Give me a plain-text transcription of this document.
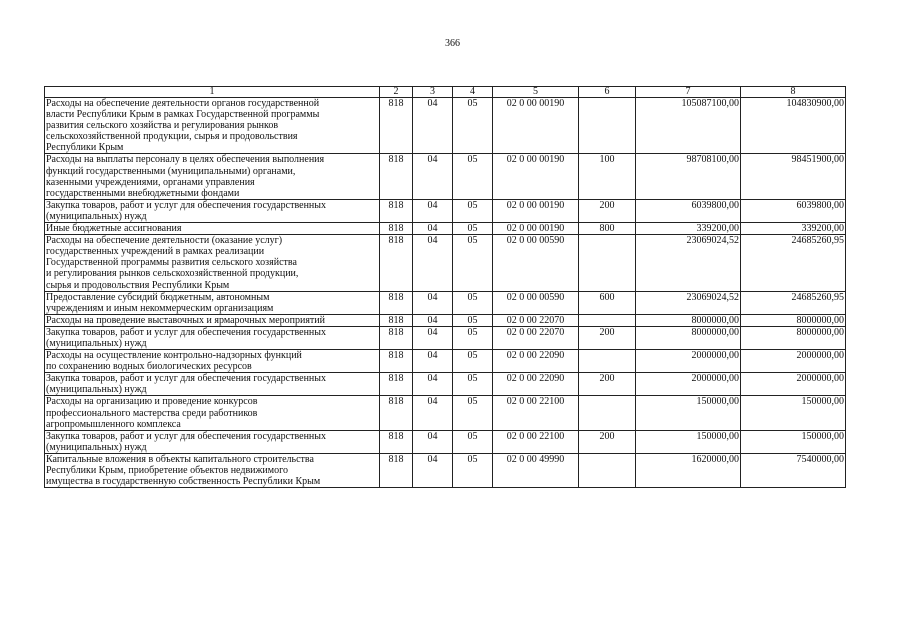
366
1	2	3	4	5	6	7	8

Расходы на обеспечение деятельности органов государственной
власти Республики Крым в рамках Государственной программы
развития сельского хозяйства и регулирования рынков
сельскохозяйственной продукции, сырья и продовольствия
Республики Крым	818	04	05	02 0 00 00190		105087100,00	104830900,00

Расходы на выплаты персоналу в целях обеспечения выполнения
функций государственными (муниципальными) органами,
казенными учреждениями, органами управления
государственными внебюджетными фондами	818	04	05	02 0 00 00190	100	98708100,00	98451900,00

Закупка товаров, работ и услуг для обеспечения государственных
(муниципальных) нужд	818	04	05	02 0 00 00190	200	6039800,00	6039800,00

Иные бюджетные ассигнования	818	04	05	02 0 00 00190	800	339200,00	339200,00

Расходы на обеспечение деятельности (оказание услуг)
государственных учреждений в рамках реализации
Государственной программы развития сельского хозяйства
и регулирования рынков сельскохозяйственной продукции,
сырья и продовольствия Республики Крым	818	04	05	02 0 00 00590		23069024,52	24685260,95

Предоставление субсидий бюджетным, автономным
учреждениям и иным некоммерческим организациям	818	04	05	02 0 00 00590	600	23069024,52	24685260,95

Расходы на проведение выставочных и ярмарочных мероприятий	818	04	05	02 0 00 22070		8000000,00	8000000,00

Закупка товаров, работ и услуг для обеспечения государственных
(муниципальных) нужд	818	04	05	02 0 00 22070	200	8000000,00	8000000,00

Расходы на осуществление контрольно-надзорных функций
по сохранению водных биологических ресурсов	818	04	05	02 0 00 22090		2000000,00	2000000,00

Закупка товаров, работ и услуг для обеспечения государственных
(муниципальных) нужд	818	04	05	02 0 00 22090	200	2000000,00	2000000,00

Расходы на организацию и проведение конкурсов
профессионального мастерства среди работников
агропромышленного комплекса	818	04	05	02 0 00 22100		150000,00	150000,00

Закупка товаров, работ и услуг для обеспечения государственных
(муниципальных) нужд	818	04	05	02 0 00 22100	200	150000,00	150000,00

Капитальные вложения в объекты капитального строительства
Республики Крым, приобретение объектов недвижимого
имущества в государственную собственность Республики Крым	818	04	05	02 0 00 49990		1620000,00	7540000,00
